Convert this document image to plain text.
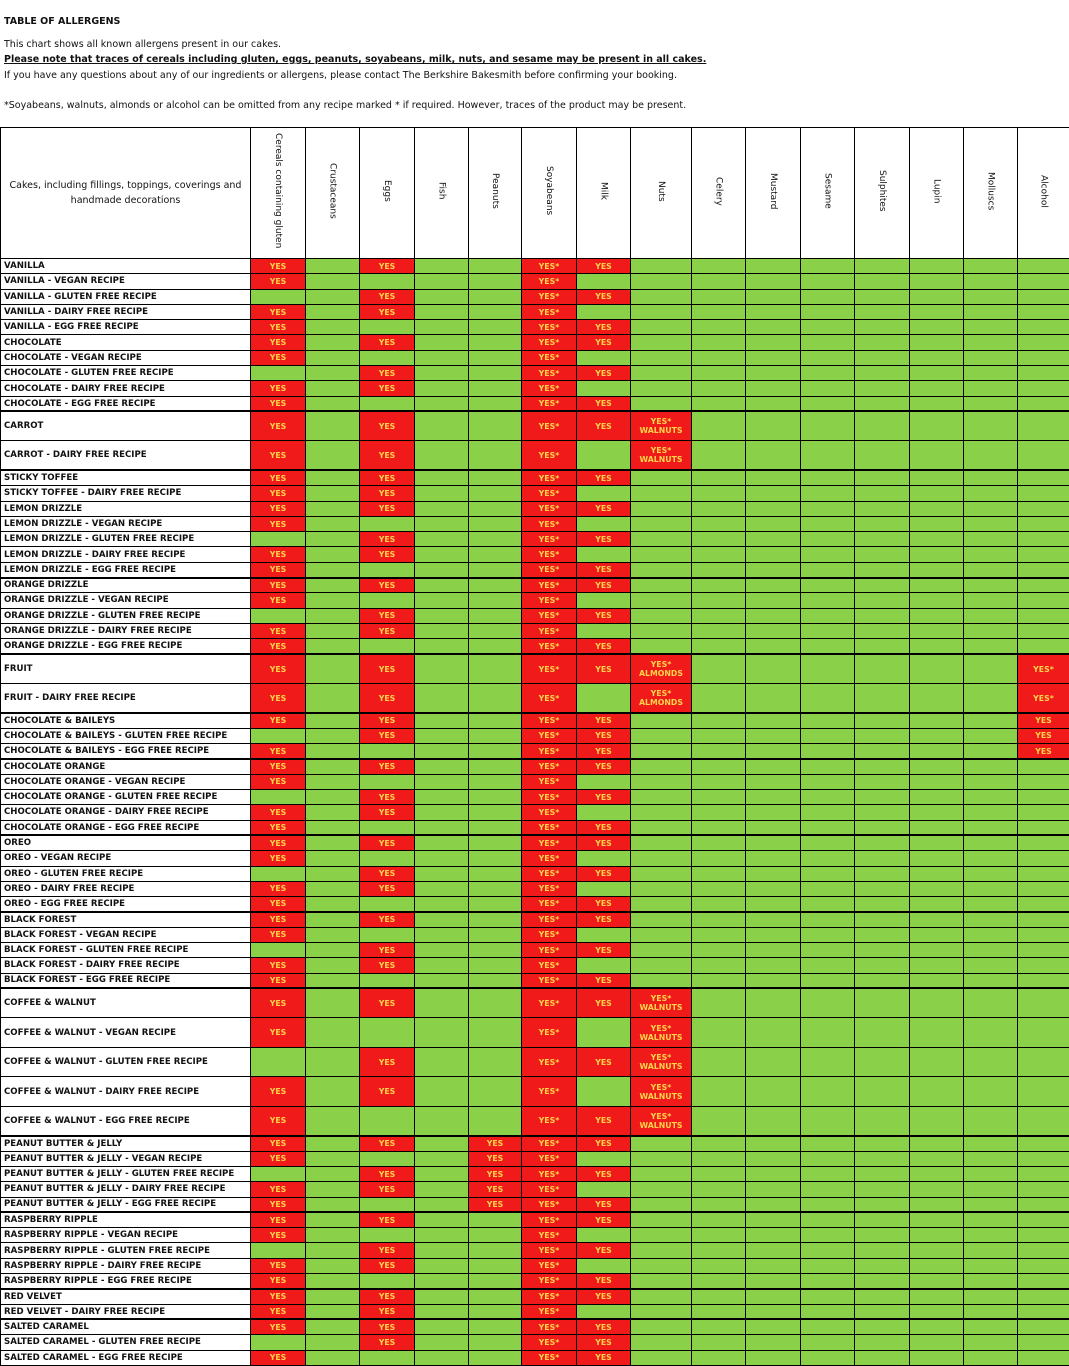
TABLE OF ALLERGENS
This chart shows all known allergens present in our cakes.
Please note that traces of cereals including gluten, eggs, peanuts, soyabeans, milk, nuts, and sesame may be present in all cakes.
If you have any questions about any of our ingredients or allergens, please contact The Berkshire Bakesmith before confirming your booking.
*Soyabeans, walnuts, almonds or alcohol can be omitted from any recipe marked * if required. However, traces of the product may be present.
Cakes, including fillings, toppings, coverings and handmade decorations	Cereals containing gluten	Crustaceans	Eggs	Fish	Peanuts	Soyabeans	Milk	Nuts	Celery	Mustard	Sesame	Sulphites	Lupin	Molluscs	Alcohol
VANILLA	YES		YES			YES*	YES								
VANILLA - VEGAN RECIPE	YES					YES*									
VANILLA - GLUTEN FREE RECIPE			YES			YES*	YES								
VANILLA - DAIRY FREE RECIPE	YES		YES			YES*									
VANILLA - EGG FREE RECIPE	YES					YES*	YES								
CHOCOLATE	YES		YES			YES*	YES								
CHOCOLATE - VEGAN RECIPE	YES					YES*									
CHOCOLATE - GLUTEN FREE RECIPE			YES			YES*	YES								
CHOCOLATE - DAIRY FREE RECIPE	YES		YES			YES*									
CHOCOLATE - EGG FREE RECIPE	YES					YES*	YES								
CARROT	YES		YES			YES*	YES	YES* WALNUTS							
CARROT - DAIRY FREE RECIPE	YES		YES			YES*		YES* WALNUTS							
STICKY TOFFEE	YES		YES			YES*	YES								
STICKY TOFFEE - DAIRY FREE RECIPE	YES		YES			YES*									
LEMON DRIZZLE	YES		YES			YES*	YES								
LEMON DRIZZLE - VEGAN RECIPE	YES					YES*									
LEMON DRIZZLE - GLUTEN FREE RECIPE			YES			YES*	YES								
LEMON DRIZZLE - DAIRY FREE RECIPE	YES		YES			YES*									
LEMON DRIZZLE - EGG FREE RECIPE	YES					YES*	YES								
ORANGE DRIZZLE	YES		YES			YES*	YES								
ORANGE DRIZZLE - VEGAN RECIPE	YES					YES*									
ORANGE DRIZZLE - GLUTEN FREE RECIPE			YES			YES*	YES								
ORANGE DRIZZLE - DAIRY FREE RECIPE	YES		YES			YES*									
ORANGE DRIZZLE - EGG FREE RECIPE	YES					YES*	YES								
FRUIT	YES		YES			YES*	YES	YES* ALMONDS							YES*
FRUIT - DAIRY FREE RECIPE	YES		YES			YES*		YES* ALMONDS							YES*
CHOCOLATE & BAILEYS	YES		YES			YES*	YES								YES
CHOCOLATE & BAILEYS - GLUTEN FREE RECIPE			YES			YES*	YES								YES
CHOCOLATE & BAILEYS - EGG FREE RECIPE	YES					YES*	YES								YES
CHOCOLATE ORANGE	YES		YES			YES*	YES								
CHOCOLATE ORANGE - VEGAN RECIPE	YES					YES*									
CHOCOLATE ORANGE - GLUTEN FREE RECIPE			YES			YES*	YES								
CHOCOLATE ORANGE - DAIRY FREE RECIPE	YES		YES			YES*									
CHOCOLATE ORANGE - EGG FREE RECIPE	YES					YES*	YES								
OREO	YES		YES			YES*	YES								
OREO - VEGAN RECIPE	YES					YES*									
OREO - GLUTEN FREE RECIPE			YES			YES*	YES								
OREO - DAIRY FREE RECIPE	YES		YES			YES*									
OREO - EGG FREE RECIPE	YES					YES*	YES								
BLACK FOREST	YES		YES			YES*	YES								
BLACK FOREST - VEGAN RECIPE	YES					YES*									
BLACK FOREST - GLUTEN FREE RECIPE			YES			YES*	YES								
BLACK FOREST - DAIRY FREE RECIPE	YES		YES			YES*									
BLACK FOREST - EGG FREE RECIPE	YES					YES*	YES								
COFFEE & WALNUT	YES		YES			YES*	YES	YES* WALNUTS							
COFFEE & WALNUT - VEGAN RECIPE	YES					YES*		YES* WALNUTS							
COFFEE & WALNUT - GLUTEN FREE RECIPE			YES			YES*	YES	YES* WALNUTS							
COFFEE & WALNUT - DAIRY FREE RECIPE	YES		YES			YES*		YES* WALNUTS							
COFFEE & WALNUT - EGG FREE RECIPE	YES					YES*	YES	YES* WALNUTS							
PEANUT BUTTER & JELLY	YES		YES		YES	YES*	YES								
PEANUT BUTTER & JELLY - VEGAN RECIPE	YES				YES	YES*									
PEANUT BUTTER & JELLY - GLUTEN FREE RECIPE			YES		YES	YES*	YES								
PEANUT BUTTER & JELLY - DAIRY FREE RECIPE	YES		YES		YES	YES*									
PEANUT BUTTER & JELLY - EGG FREE RECIPE	YES				YES	YES*	YES								
RASPBERRY RIPPLE	YES		YES			YES*	YES								
RASPBERRY RIPPLE - VEGAN RECIPE	YES					YES*									
RASPBERRY RIPPLE - GLUTEN FREE RECIPE			YES			YES*	YES								
RASPBERRY RIPPLE - DAIRY FREE RECIPE	YES		YES			YES*									
RASPBERRY RIPPLE - EGG FREE RECIPE	YES					YES*	YES								
RED VELVET	YES		YES			YES*	YES								
RED VELVET - DAIRY FREE RECIPE	YES		YES			YES*									
SALTED CARAMEL	YES		YES			YES*	YES								
SALTED CARAMEL - GLUTEN FREE RECIPE			YES			YES*	YES								
SALTED CARAMEL - EGG FREE RECIPE	YES					YES*	YES								
